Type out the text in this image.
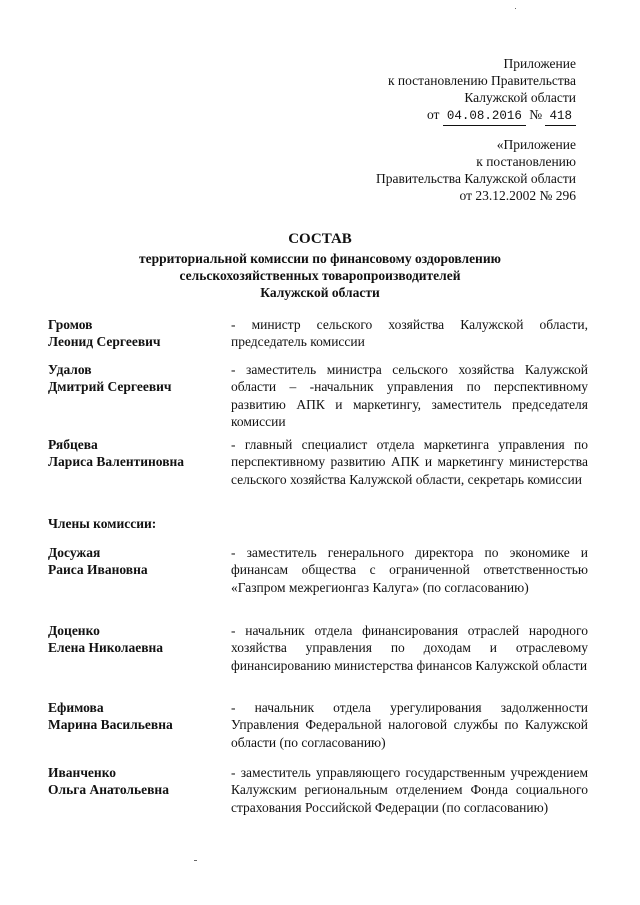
Приложение
к постановлению Правительства
Калужской области
от 04.08.2016 № 418
«Приложение
к постановлению
Правительства Калужской области
от 23.12.2002 № 296
СОСТАВ
территориальной комиссии по финансовому оздоровлению
сельскохозяйственных товаропроизводителей
Калужской области
Громов
Леонид Сергеевич
- министр сельского хозяйства Калужской области, председатель комиссии
Удалов
Дмитрий Сергеевич
- заместитель министра сельского хозяйства Калужской области – -начальник управления по перспективному развитию АПК и маркетингу, заместитель председателя комиссии
Рябцева
Лариса Валентиновна
- главный специалист отдела маркетинга управления по перспективному развитию АПК и маркетингу министерства сельского хозяйства Калужской области, секретарь комиссии
Члены комиссии:
Досужая
Раиса Ивановна
- заместитель генерального директора по экономике и финансам общества с ограниченной ответственностью «Газпром межрегионгаз Калуга» (по согласованию)
Доценко
Елена Николаевна
- начальник отдела финансирования отраслей народного хозяйства управления по доходам и отраслевому финансированию министерства финансов Калужской области
Ефимова
Марина Васильевна
- начальник отдела урегулирования задолженности Управления Федеральной налоговой службы по Калужской области (по согласованию)
Иванченко
Ольга Анатольевна
- заместитель управляющего государственным учреждением Калужским региональным отделением Фонда социального страхования Российской Федерации (по согласованию)
